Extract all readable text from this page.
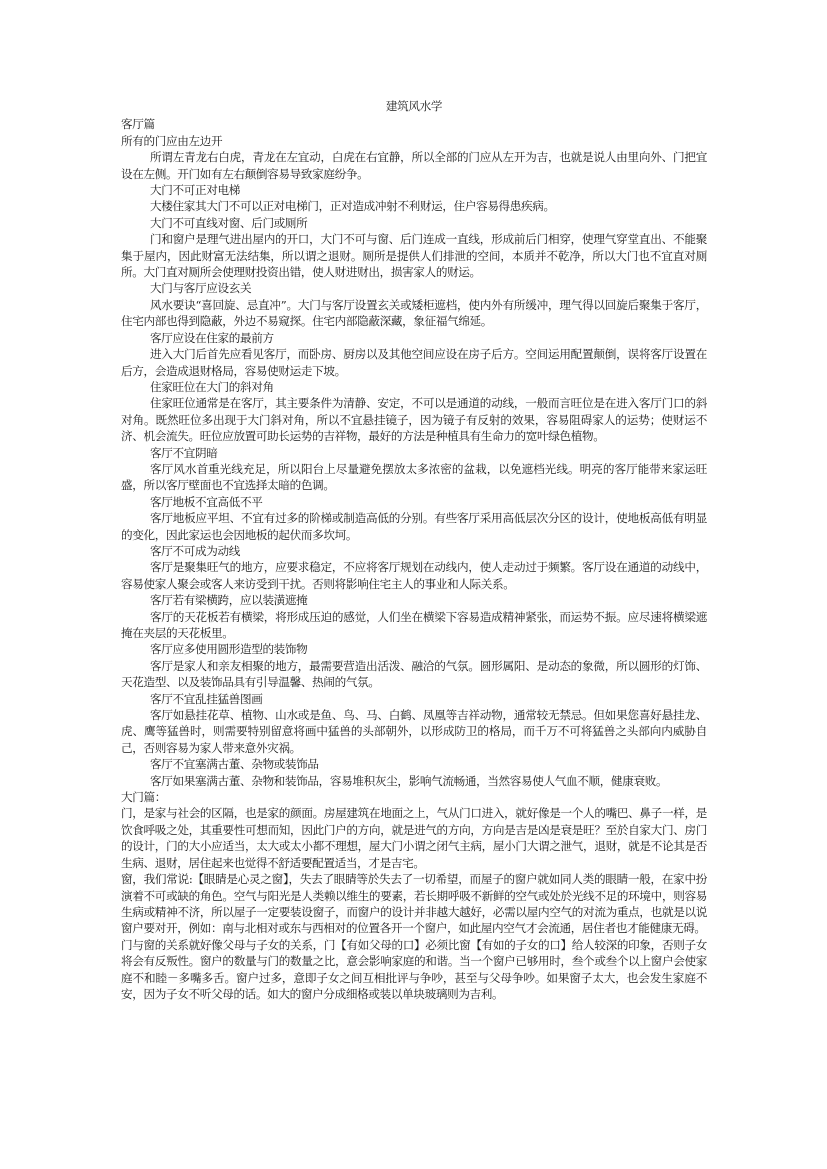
建筑风水学

客厅篇

所有的门应由左边开

所谓左青龙右白虎，青龙在左宜动，白虎在右宜静，所以全部的门应从左开为吉，也就是说人由里向外、门把宜设在左侧。开门如有左右颠倒容易导致家庭纷争。

大门不可正对电梯

大楼住家其大门不可以正对电梯门，正对造成冲射不利财运，住户容易得患疾病。

大门不可直线对窗、后门或厕所

门和窗户是理气进出屋内的开口，大门不可与窗、后门连成一直线，形成前后门相穿，使理气穿堂直出、不能聚集于屋内，因此财富无法结集，所以谓之退财。厕所是提供人们排泄的空间，本质并不乾净，所以大门也不宜直对厕所。大门直对厕所会使理财投资出错，使人财进财出，损害家人的财运。

大门与客厅应设玄关

风水要诀“喜回旋、忌直冲”。大门与客厅设置玄关或矮柜遮档，使内外有所缓冲，理气得以回旋后聚集于客厅，住宅内部也得到隐蔽，外边不易窥探。住宅内部隐蔽深藏，象征福气绵延。

客厅应设在住家的最前方

进入大门后首先应看见客厅，而卧房、厨房以及其他空间应设在房子后方。空间运用配置颠倒，误将客厅设置在后方，会造成退财格局，容易使财运走下坡。

住家旺位在大门的斜对角

住家旺位通常是在客厅，其主要条件为清静、安定，不可以是通道的动线，一般而言旺位是在进入客厅门口的斜对角。既然旺位多出现于大门斜对角，所以不宜悬挂镜子，因为镜子有反射的效果，容易阻碍家人的运势；使财运不济、机会流失。旺位应放置可助长运势的吉祥物，最好的方法是种植具有生命力的宽叶绿色植物。

客厅不宜阴暗

客厅风水首重光线充足，所以阳台上尽量避免摆放太多浓密的盆栽，以免遮档光线。明亮的客厅能带来家运旺盛，所以客厅壁面也不宜选择太暗的色调。

客厅地板不宜高低不平

客厅地板应平坦、不宜有过多的阶梯或制造高低的分别。有些客厅采用高低层次分区的设计，使地板高低有明显的变化，因此家运也会因地板的起伏而多坎坷。

客厅不可成为动线

客厅是聚集旺气的地方，应要求稳定，不应将客厅规划在动线内，使人走动过于频繁。客厅设在通道的动线中，容易使家人聚会或客人来访受到干扰。否则将影响住宅主人的事业和人际关系。

客厅若有梁横跨，应以装潢遮掩

客厅的天花板若有横梁，将形成压迫的感觉，人们坐在横梁下容易造成精神紧张，而运势不振。应尽速将横梁遮掩在夹层的天花板里。

客厅应多使用圆形造型的装饰物

客厅是家人和亲友相聚的地方，最需要营造出活泼、融洽的气氛。圆形属阳、是动态的象微，所以圆形的灯饰、天花造型、以及装饰品具有引导温馨、热闹的气氛。

客厅不宜乱挂猛兽图画

客厅如悬挂花草、植物、山水或是鱼、鸟、马、白鹤、凤凰等吉祥动物，通常较无禁忌。但如果您喜好悬挂龙、虎、鹰等猛兽时，则需要特别留意将画中猛兽的头部朝外，以形成防卫的格局，而千万不可将猛兽之头部向内威胁自己，否则容易为家人带来意外灾祸。

客厅不宜塞满古董、杂物或装饰品

客厅如果塞满古董、杂物和装饰品，容易堆积灰尘，影响气流畅通，当然容易使人气血不顺，健康衰败。

大门篇：

门，是家与社会的区隔，也是家的颜面。房屋建筑在地面之上，气从门口进入，就好像是一个人的嘴巴、鼻子一样，是饮食呼吸之处，其重要性可想而知，因此门户的方向，就是进气的方向，方向是吉是凶是衰是旺？至於自家大门、房门的设计，门的大小应适当，太大或太小都不理想，屋大门小谓之闭气主病，屋小门大谓之泄气，退财，就是不论其是否生病、退财，居住起来也觉得不舒适要配置适当，才是吉宅。

窗，我们常说:【眼睛是心灵之窗】，失去了眼睛等於失去了一切希望，而屋子的窗户就如同人类的眼睛一般，在家中扮演着不可或缺的角色。空气与阳光是人类赖以维生的要素，若长期呼吸不新鲜的空气或处於光线不足的环境中，则容易生病或精神不济，所以屋子一定要装设窗子，而窗户的设计并非越大越好，必需以屋内空气的对流为重点，也就是以说窗户要对开，例如：南与北相对或东与西相对的位置各开一个窗户，如此屋内空气才会流通，居住者也才能健康无碍。

门与窗的关系就好像父母与子女的关系，门【有如父母的口】必须比窗【有如的子女的口】给人较深的印象，否则子女将会有反叛性。窗户的数量与门的数量之比，意会影响家庭的和谐。当一个窗户已够用时，叁个或叁个以上窗户会使家庭不和睦－多嘴多舌。窗户过多，意即子女之间互相批评与争吵，甚至与父母争吵。如果窗子太大，也会发生家庭不安，因为子女不听父母的话。如大的窗户分成细格或装以单块玻璃则为吉利。
